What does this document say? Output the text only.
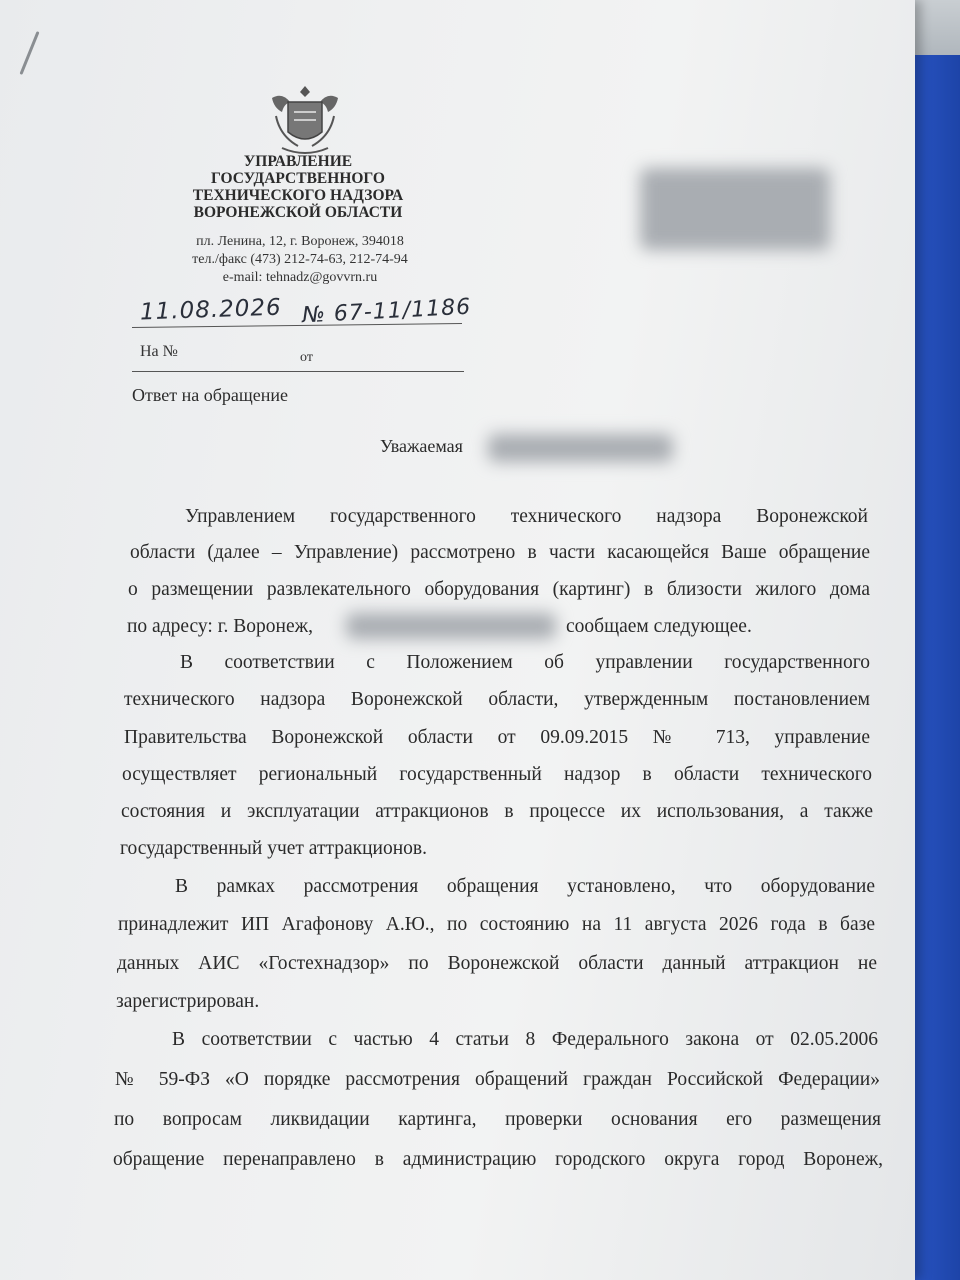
УПРАВЛЕНИЕ
ГОСУДАРСТВЕННОГО
ТЕХНИЧЕСКОГО НАДЗОРА
ВОРОНЕЖСКОЙ ОБЛАСТИ
пл. Ленина, 12, г. Воронеж, 394018
тел./факс (473) 212-74-63, 212-74-94
e-mail: tehnadz@govvrn.ru
11.08.2026 № 67-11/1186
На №	от
Ответ на обращение
Уважаемая
Управлением государственного технического надзора Воронежской
области (далее – Управление) рассмотрено в части касающейся Ваше обращение
о размещении развлекательного оборудования (картинг) в близости жилого дома
по адресу: г. Воронеж,	сообщаем следующее.
В соответствии с Положением об управлении государственного
технического надзора Воронежской области, утвержденным постановлением
Правительства Воронежской области от 09.09.2015 № 713, управление
осуществляет региональный государственный надзор в области технического
состояния и эксплуатации аттракционов в процессе их использования, а также
государственный учет аттракционов.
В рамках рассмотрения обращения установлено, что оборудование
принадлежит ИП Агафонову А.Ю., по состоянию на 11 августа 2026 года в базе
данных АИС «Гостехнадзор» по Воронежской области данный аттракцион не
зарегистрирован.
В соответствии с частью 4 статьи 8 Федерального закона от 02.05.2006
№ 59-ФЗ «О порядке рассмотрения обращений граждан Российской Федерации»
по вопросам ликвидации картинга, проверки основания его размещения
обращение перенаправлено в администрацию городского округа город Воронеж,
